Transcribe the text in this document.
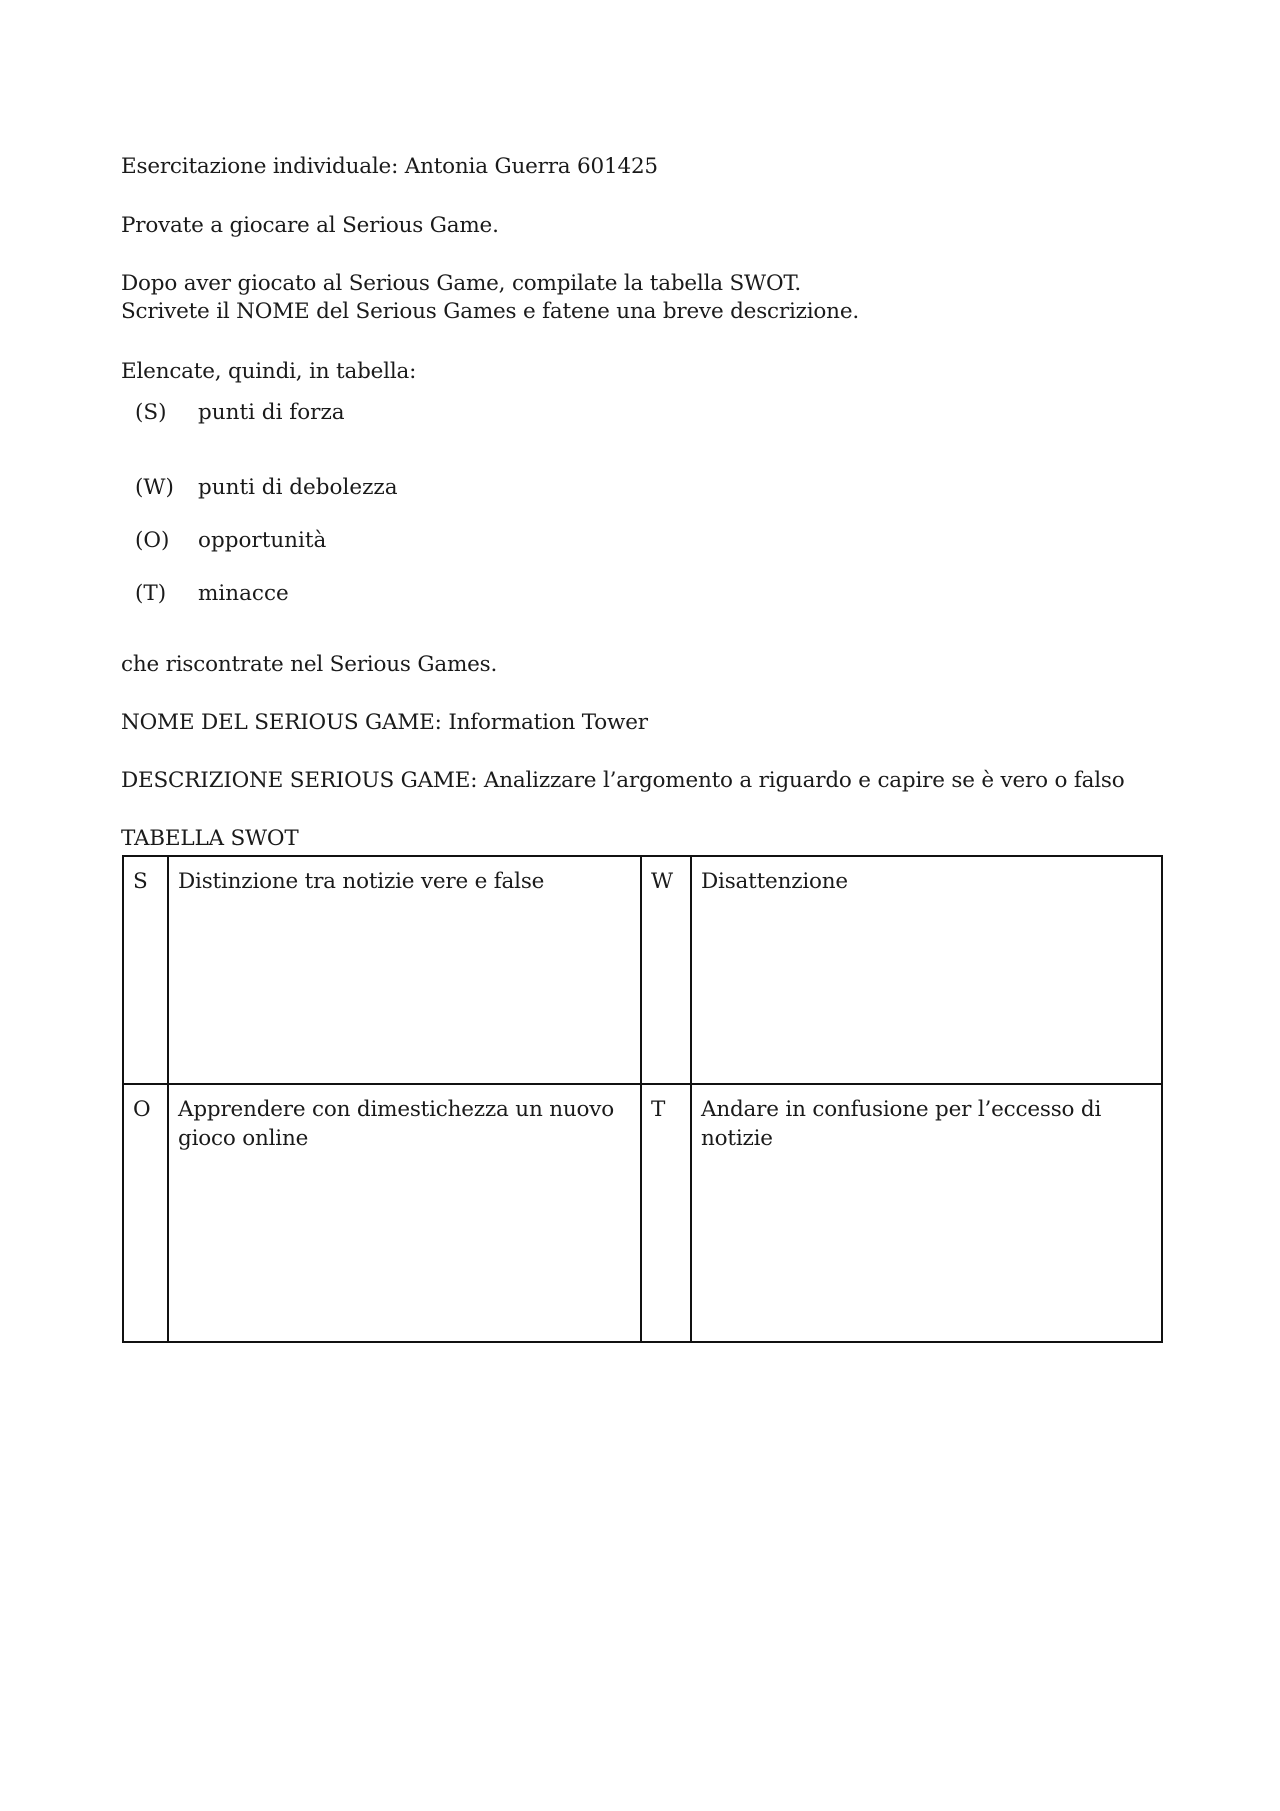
Esercitazione individuale: Antonia Guerra 601425
Provate a giocare al Serious Game.
Dopo aver giocato al Serious Game, compilate la tabella SWOT.
Scrivete il NOME del Serious Games e fatene una breve descrizione.
Elencate, quindi, in tabella:
(S) punti di forza
(W) punti di debolezza
(O) opportunità
(T) minacce
che riscontrate nel Serious Games.
NOME DEL SERIOUS GAME: Information Tower
DESCRIZIONE SERIOUS GAME: Analizzare l’argomento a riguardo e capire se è vero o falso
TABELLA SWOT
S	Distinzione tra notizie vere e false	W	Disattenzione
O	Apprendere con dimestichezza un nuovo gioco online	T	Andare in confusione per l’eccesso di notizie
